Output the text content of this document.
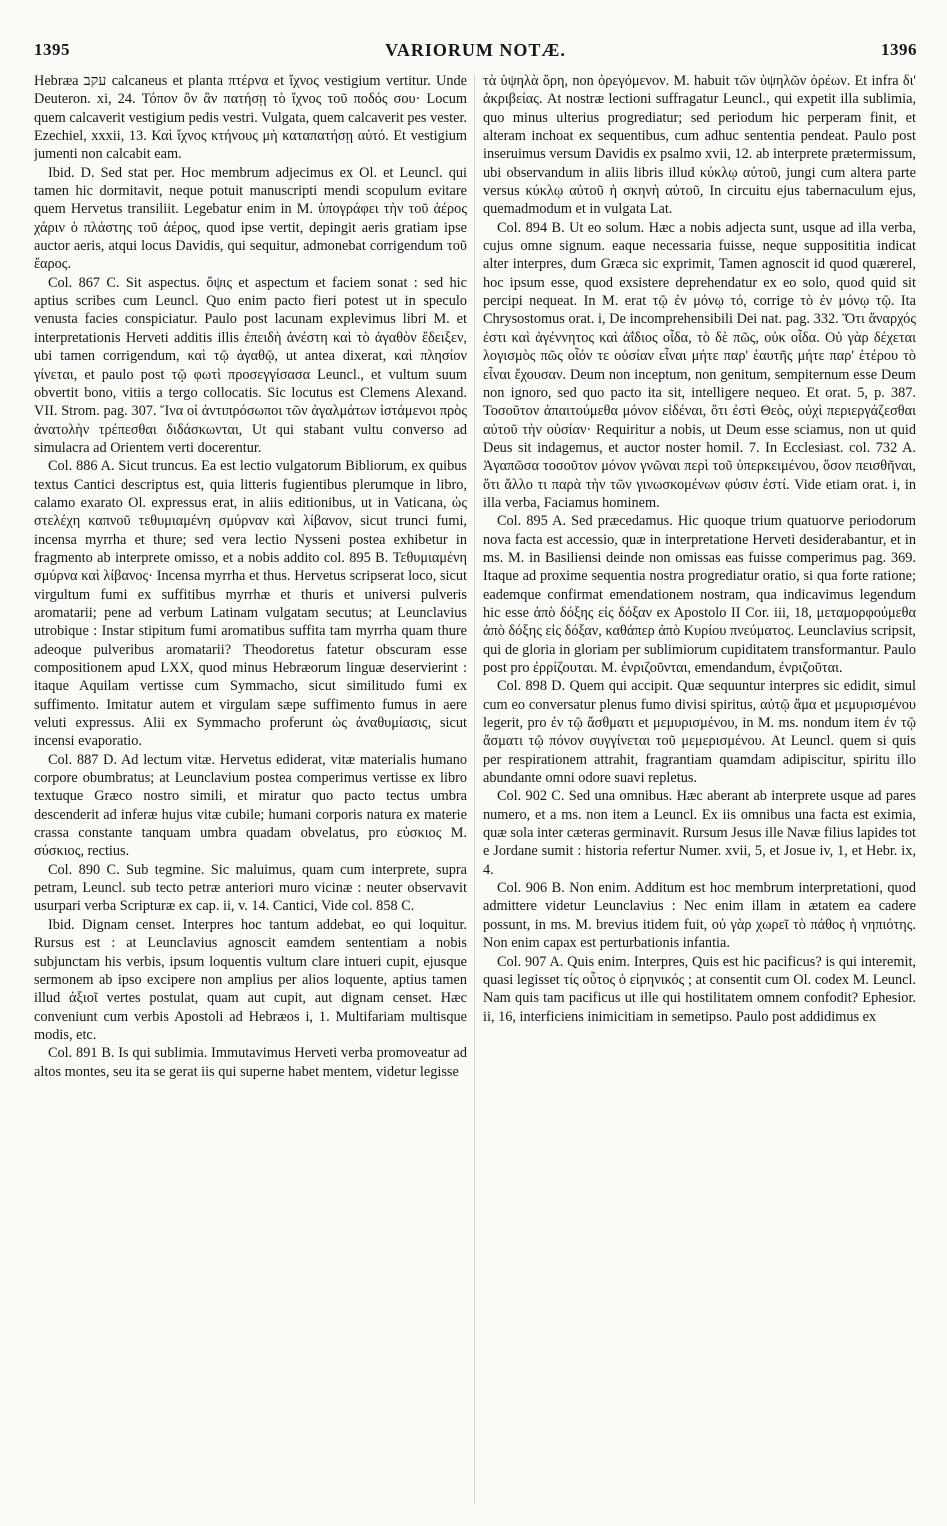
1395	VARIORUM NOTÆ.	1396

Hebræa עקב calcaneus et planta πτέρνα et ἴχνος vestigium vertitur. Unde Deuteron. xi, 24. Τόπον ὂν ἂν πατήσῃ τὸ ἴχνος τοῦ ποδός σου· Locum quem calcaverit vestigium pedis vestri. Vulgata, quem calcaverit pes vester. Ezechiel, xxxii, 13. Καὶ ἴχνος κτήνους μὴ καταπατήσῃ αὐτό. Et vestigium jumenti non calcabit eam.

Ibid. D. Sed stat per. Hoc membrum adjecimus ex Ol. et Leuncl. qui tamen hic dormitavit, neque potuit manuscripti mendi scopulum evitare quem Hervetus transiliit. Legebatur enim in M. ὑπογράφει τὴν τοῦ ἀέρος χάριν ὁ πλάστης τοῦ ἀέρος, quod ipse vertit, depingit aeris gratiam ipse auctor aeris, atqui locus Davidis, qui sequitur, admonebat corrigendum τοῦ ἔαρος.

Col. 867 C. Sit aspectus. ὄψις et aspectum et faciem sonat : sed hic aptius scribes cum Leuncl. Quo enim pacto fieri potest ut in speculo venusta facies conspiciatur. Paulo post lacunam explevimus libri M. et interpretationis Herveti additis illis ἐπειδὴ ἀνέστη καὶ τὸ ἀγαθὸν ἔδειξεν, ubi tamen corrigendum, καὶ τῷ ἀγαθῷ, ut antea dixerat, καὶ πλησίον γίνεται, et paulo post τῷ φωτὶ προσεγγίσασα Leuncl., et vultum suum obvertit bono, vitiis a tergo collocatis. Sic locutus est Clemens Alexand. VII. Strom. pag. 307. Ἵνα οἱ ἀντιπρόσωποι τῶν ἀγαλμάτων ἱστάμενοι πρὸς ἀνατολὴν τρέπεσθαι διδάσκωνται, Ut qui stabant vultu converso ad simulacra ad Orientem verti docerentur.

Col. 886 A. Sicut truncus. Ea est lectio vulgatorum Bibliorum, ex quibus textus Cantici descriptus est, quia litteris fugientibus plerumque in libro, calamo exarato Ol. expressus erat, in aliis editionibus, ut in Vaticana, ὡς στελέχη καπνοῦ τεθυμιαμένη σμύρναν καὶ λίβανον, sicut trunci fumi, incensa myrrha et thure; sed vera lectio Nysseni postea exhibetur in fragmento ab interprete omisso, et a nobis addito col. 895 B. Τεθυμιαμένη σμύρνα καὶ λίβανος· Incensa myrrha et thus. Hervetus scripserat loco, sicut virgultum fumi ex suffitibus myrrhæ et thuris et universi pulveris aromatarii; pene ad verbum Latinam vulgatam secutus; at Leunclavius utrobique : Instar stipitum fumi aromatibus suffita tam myrrha quam thure adeoque pulveribus aromatarii? Theodoretus fatetur obscuram esse compositionem apud LXX, quod minus Hebræorum linguæ deservierint : itaque Aquilam vertisse cum Symmacho, sicut similitudo fumi ex suffimento. Imitatur autem et virgulam sæpe suffimento fumus in aere veluti expressus. Alii ex Symmacho proferunt ὡς ἀναθυμίασις, sicut incensi evaporatio.

Col. 887 D. Ad lectum vitæ. Hervetus ediderat, vitæ materialis humano corpore obumbratus; at Leunclavium postea comperimus vertisse ex libro textuque Græco nostro simili, et miratur quo pacto tectus umbra descenderit ad inferæ hujus vitæ cubile; humani corporis natura ex materie crassa constante tanquam umbra quadam obvelatus, pro εὐσκιος M. σύσκιος, rectius.

Col. 890 C. Sub tegmine. Sic maluimus, quam cum interprete, supra petram, Leuncl. sub tecto petræ anteriori muro vicinæ : neuter observavit usurpari verba Scripturæ ex cap. ii, v. 14. Cantici, Vide col. 858 C.

Ibid. Dignam censet. Interpres hoc tantum addebat, eo qui loquitur. Rursus est : at Leunclavius agnoscit eamdem sententiam a nobis subjunctam his verbis, ipsum loquentis vultum clare intueri cupit, ejusque sermonem ab ipso excipere non amplius per alios loquente, aptius tamen illud ἀξιοῖ vertes postulat, quam aut cupit, aut dignam censet. Hæc conveniunt cum verbis Apostoli ad Hebræos i, 1. Multifariam multisque modis, etc.

Col. 891 B. Is qui sublimia. Immutavimus Herveti verba promoveatur ad altos montes, seu ita se gerat iis qui superne habet mentem, videtur legisse

τὰ ὑψηλὰ ὄρη, non ὀρεγόμενον. M. habuit τῶν ὑψηλῶν ὀρέων. Et infra δι' ἀκριβείας. At nostræ lectioni suffragatur Leuncl., qui expetit illa sublimia, quo minus ulterius progrediatur; sed periodum hic perperam finit, et alteram inchoat ex sequentibus, cum adhuc sententia pendeat. Paulo post inseruimus versum Davidis ex psalmo xvii, 12. ab interprete prætermissum, ubi observandum in aliis libris illud κύκλῳ αὐτοῦ, jungi cum altera parte versus κύκλῳ αὐτοῦ ἡ σκηνὴ αὐτοῦ, In circuitu ejus tabernaculum ejus, quemadmodum et in vulgata Lat.

Col. 894 B. Ut eo solum. Hæc a nobis adjecta sunt, usque ad illa verba, cujus omne signum. eaque necessaria fuisse, neque supposititia indicat alter interpres, dum Græca sic exprimit, Tamen agnoscit id quod quærerel, hoc ipsum esse, quod exsistere deprehendatur ex eo solo, quod quid sit percipi nequeat. In M. erat τῷ ἐν μόνῳ τό, corrige τὸ ἐν μόνῳ τῷ. Ita Chrysostomus orat. i, De incomprehensibili Dei nat. pag. 332. Ὅτι ἄναρχός ἐστι καὶ ἀγέννητος καὶ ἀΐδιος οἶδα, τὸ δὲ πῶς, οὐκ οἶδα. Οὐ γὰρ δέχεται λογισμὸς πῶς οἷόν τε οὐσίαν εἶναι μήτε παρ' ἑαυτῆς μήτε παρ' ἑτέρου τὸ εἶναι ἔχουσαν. Deum non inceptum, non genitum, sempiternum esse Deum non ignoro, sed quo pacto ita sit, intelligere nequeo. Et orat. 5, p. 387. Τοσοῦτον ἀπαιτούμεθα μόνον εἰδέναι, ὅτι ἐστὶ Θεὸς, οὐχὶ περιεργάζεσθαι αὐτοῦ τὴν οὐσίαν· Requiritur a nobis, ut Deum esse sciamus, non ut quid Deus sit indagemus, et auctor noster homil. 7. In Ecclesiast. col. 732 A. Ἀγαπῶσα τοσοῦτον μόνον γνῶναι περὶ τοῦ ὑπερκειμένου, ὅσον πεισθῆναι, ὅτι ἄλλο τι παρὰ τὴν τῶν γινωσκομένων φύσιν ἐστί. Vide etiam orat. i, in illa verba, Faciamus hominem.

Col. 895 A. Sed præcedamus. Hic quoque trium quatuorve periodorum nova facta est accessio, quæ in interpretatione Herveti desiderabantur, et in ms. M. in Basiliensi deinde non omissas eas fuisse comperimus pag. 369. Itaque ad proxime sequentia nostra progrediatur oratio, si qua forte ratione; eademque confirmat emendationem nostram, qua indicavimus legendum hic esse ἀπὸ δόξης εἰς δόξαν ex Apostolo II Cor. iii, 18, μεταμορφούμεθα ἀπὸ δόξης εἰς δόξαν, καθάπερ ἀπὸ Κυρίου πνεύματος. Leunclavius scripsit, qui de gloria in gloriam per sublimiorum cupiditatem transformantur. Paulo post pro ἐρρίζουται. M. ἐνριζοῦνται, emendandum, ἐνριζοῦται.

Col. 898 D. Quem qui accipit. Quæ sequuntur interpres sic edidit, simul cum eo conversatur plenus fumo divisi spiritus, αὐτῷ ἅμα et μεμυρισμένου legerit, pro ἐν τῷ ἄσθματι et μεμυρισμένου, in M. ms. nondum item ἐν τῷ ἄσματι τῷ πόνον συγγίνεται τοῦ μεμερισμένου. At Leuncl. quem si quis per respirationem attrahit, fragrantiam quamdam adipiscitur, spiritu illo abundante omni odore suavi repletus.

Col. 902 C. Sed una omnibus. Hæc aberant ab interprete usque ad pares numero, et a ms. non item a Leuncl. Ex iis omnibus una facta est eximia, quæ sola inter cæteras germinavit. Rursum Jesus ille Navæ filius lapides tot e Jordane sumit : historia refertur Numer. xvii, 5, et Josue iv, 1, et Hebr. ix, 4.

Col. 906 B. Non enim. Additum est hoc membrum interpretationi, quod admittere videtur Leunclavius : Nec enim illam in ætatem ea cadere possunt, in ms. M. brevius itidem fuit, οὐ γὰρ χωρεῖ τὸ πάθος ἡ νηπιότης. Non enim capax est perturbationis infantia.

Col. 907 A. Quis enim. Interpres, Quis est hic pacificus? is qui interemit, quasi legisset τίς οὗτος ὁ εἰρηνικός ; at consentit cum Ol. codex M. Leuncl. Nam quis tam pacificus ut ille qui hostilitatem omnem confodit? Ephesior. ii, 16, interficiens inimicitiam in semetipso. Paulo post addidimus ex
